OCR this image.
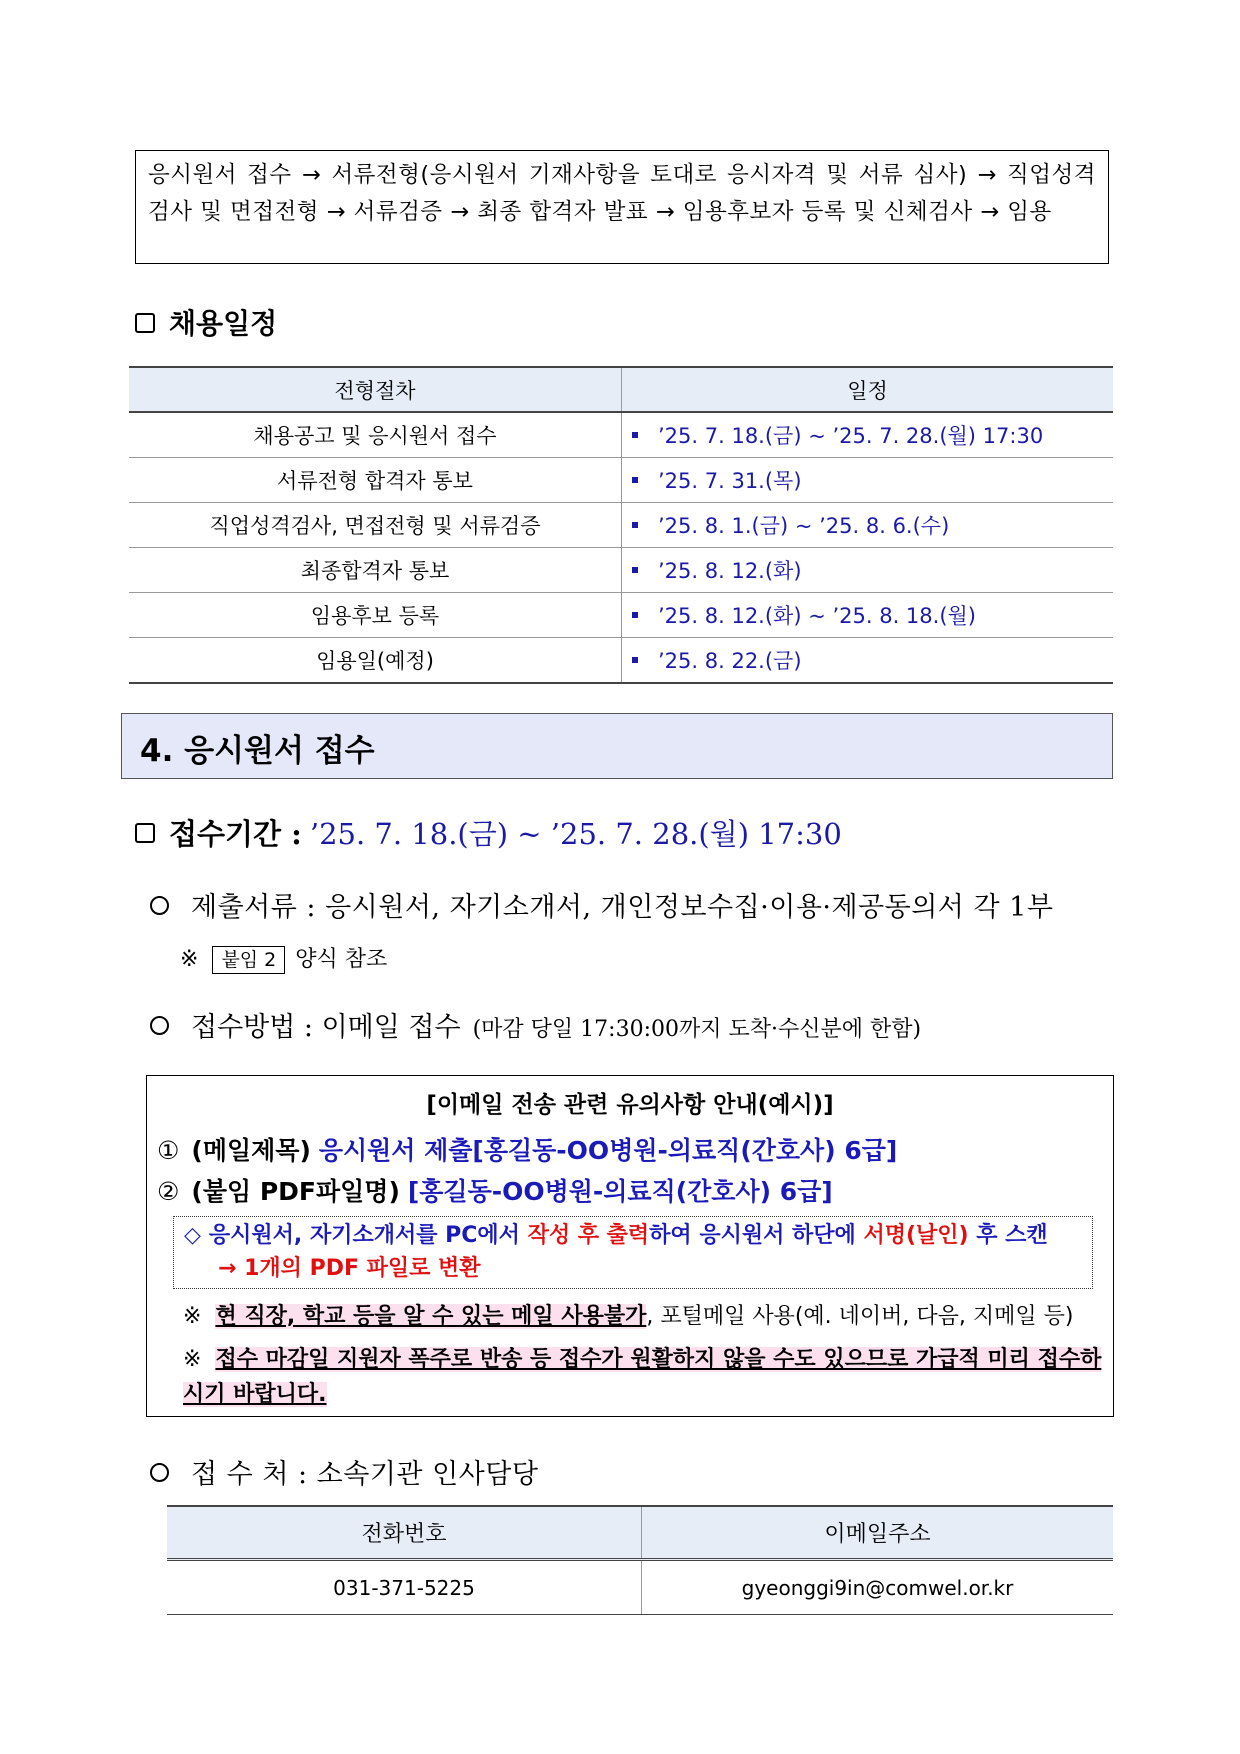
응시원서 접수 → 서류전형(응시원서 기재사항을 토대로 응시자격 및 서류 심사) → 직업성격 검사 및 면접전형 → 서류검증 → 최종 합격자 발표 → 임용후보자 등록 및 신체검사 → 임용
채용일정
전형절차	일정
채용공고 및 응시원서 접수	’25. 7. 18.(금) ~ ’25. 7. 28.(월) 17:30
서류전형 합격자 통보	’25. 7. 31.(목)
직업성격검사, 면접전형 및 서류검증	’25. 8. 1.(금) ~ ’25. 8. 6.(수)
최종합격자 통보	’25. 8. 12.(화)
임용후보 등록	’25. 8. 12.(화) ~ ’25. 8. 18.(월)
임용일(예정)	’25. 8. 22.(금)
4. 응시원서 접수
접수기간 : ’25. 7. 18.(금) ~ ’25. 7. 28.(월) 17:30
제출서류 : 응시원서, 자기소개서, 개인정보수집·이용·제공동의서 각 1부
※ 붙임 2 양식 참조
접수방법 : 이메일 접수 (마감 당일 17:30:00까지 도착·수신분에 한함)
[이메일 전송 관련 유의사항 안내(예시)]
① (메일제목) 응시원서 제출[홍길동-OO병원-의료직(간호사) 6급]
② (붙임 PDF파일명) [홍길동-OO병원-의료직(간호사) 6급]
◇ 응시원서, 자기소개서를 PC에서 작성 후 출력하여 응시원서 하단에 서명(날인) 후 스캔
→ 1개의 PDF 파일로 변환
※ 현 직장, 학교 등을 알 수 있는 메일 사용불가, 포털메일 사용(예. 네이버, 다음, 지메일 등)
※ 접수 마감일 지원자 폭주로 반송 등 접수가 원활하지 않을 수도 있으므로 가급적 미리 접수하시기 바랍니다.
접 수 처 : 소속기관 인사담당
전화번호	이메일주소
031-371-5225	gyeonggi9in@comwel.or.kr
